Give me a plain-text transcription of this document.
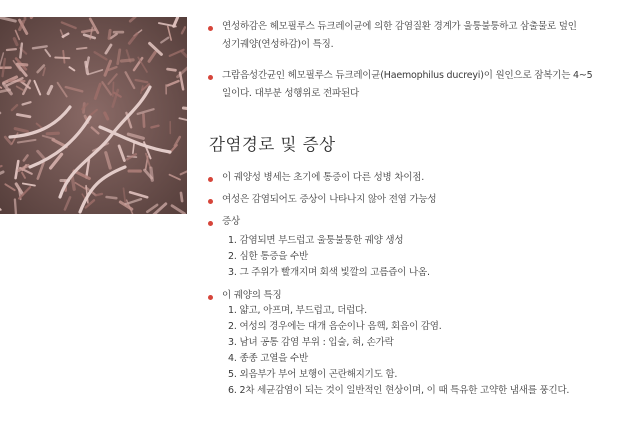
연성하감은 헤모필루스 듀크레이균에 의한 감염질환 경계가 울퉁불퉁하고 삼출물로 덮인
성기궤양(연성하감)이 특징.
그람음성간균인 헤모필루스 듀크레이균(Haemophilus ducreyi)이 원인으로 잠복기는 4~5
일이다. 대부분 성행위로 전파된다
감염경로 및 증상
이 궤양성 병세는 초기에 통증이 다른 성병 차이점.
여성은 감염되어도 증상이 나타나지 않아 전염 가능성
증상
1. 감염되면 부드럽고 울퉁불퉁한 궤양 생성
2. 심한 통증을 수반
3. 그 주위가 빨개지며 회색 빛깔의 고름즙이 나옴.
이 궤양의 특징
1. 얇고, 아프며, 부드럽고, 더럽다.
2. 여성의 경우에는 대개 음순이나 음핵, 회음이 감염.
3. 남녀 공통 감염 부위 : 입술, 혀, 손가락
4. 종종 고열을 수반
5. 외음부가 부어 보행이 곤란해지기도 함.
6. 2차 세균감염이 되는 것이 일반적인 현상이며, 이 때 특유한 고약한 냄새를 풍긴다.
